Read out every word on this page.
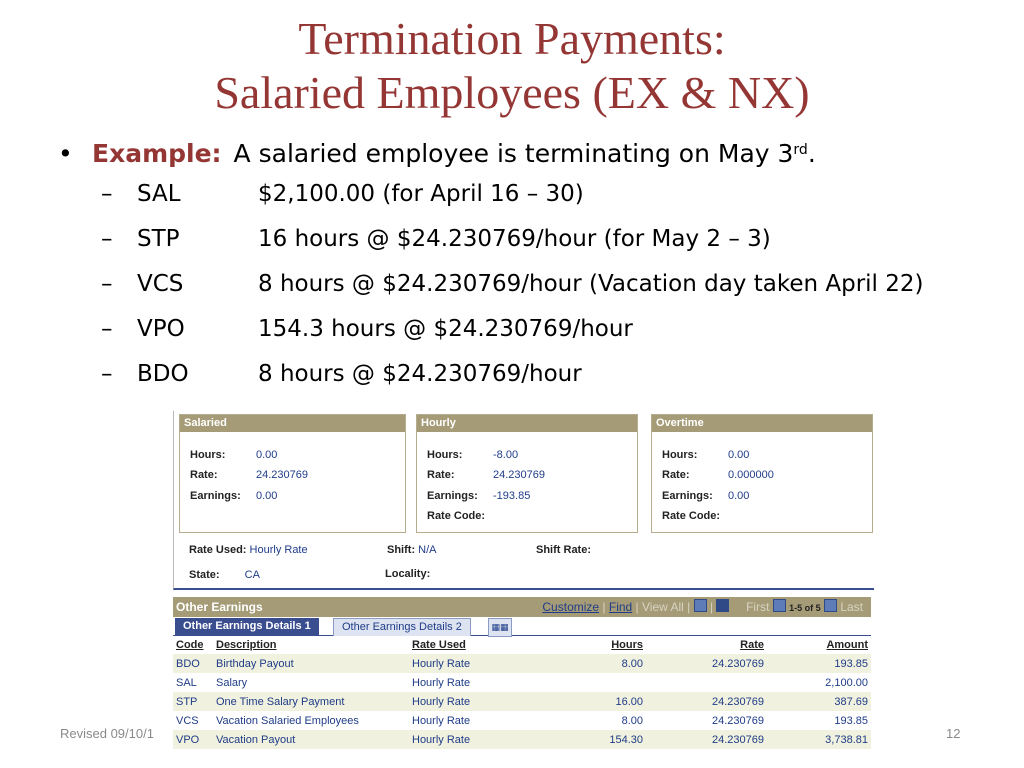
Termination Payments:
Salaried Employees (EX & NX)
• Example: A salaried employee is terminating on May 3rd.
– SAL	$2,100.00 (for April 16 – 30)
– STP	16 hours @ $24.230769/hour (for May 2 – 3)
– VCS	8 hours @ $24.230769/hour (Vacation day taken April 22)
– VPO	154.3 hours @ $24.230769/hour
– BDO	8 hours @ $24.230769/hour
Salaried
Hours:	0.00
Rate:	24.230769
Earnings: 0.00
Hourly
Hours:	-8.00
Rate:	24.230769
Earnings: -193.85
Rate Code:
Overtime
Hours:	0.00
Rate:	0.000000
Earnings: 0.00
Rate Code:
Rate Used: Hourly Rate	Shift: N/A	Shift Rate:
State: CA	Locality:
Other Earnings	Customize | Find | View All |  |      First 1-5 of 5 Last
Other Earnings Details 1	Other Earnings Details 2	▦▦
Code	Description	Rate Used	Hours	Rate	Amount
BDO	Birthday Payout	Hourly Rate	8.00	24.230769	193.85
SAL	Salary	Hourly Rate			2,100.00
STP	One Time Salary Payment	Hourly Rate	16.00	24.230769	387.69
VCS	Vacation Salaried Employees	Hourly Rate	8.00	24.230769	193.85
VPO	Vacation Payout	Hourly Rate	154.30	24.230769	3,738.81
Revised 09/10/1	12
